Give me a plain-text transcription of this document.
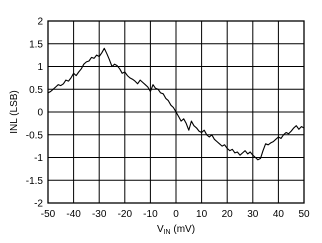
2
1.5
1
0.5
0
-0.5
-1
-1.5
-2
-50 -40 -30 -20 -10 0 10 20 30 40 50
INL (LSB)
$V_{IN}$ (mV)
